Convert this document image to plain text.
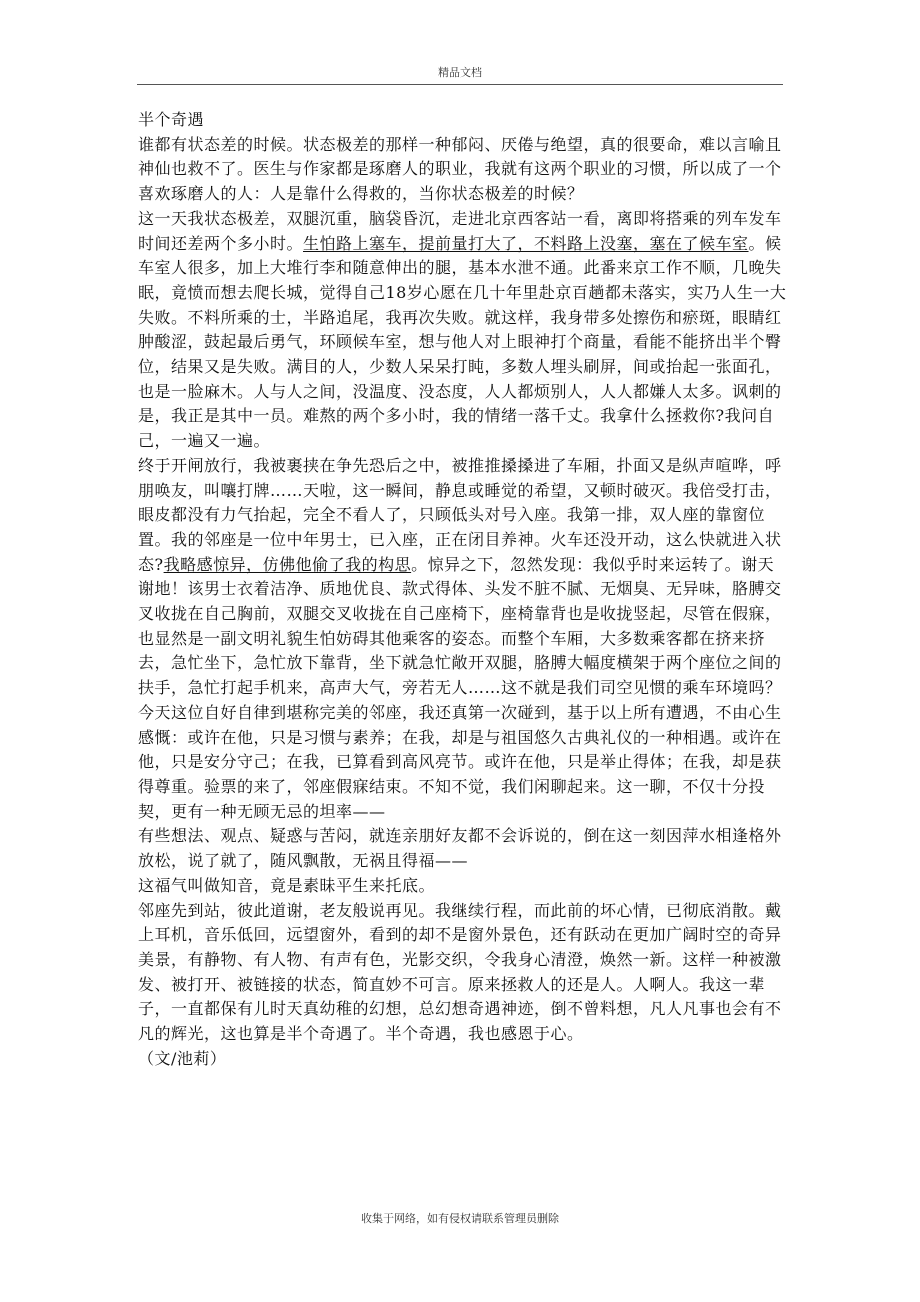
精品文档

半个奇遇

谁都有状态差的时候。状态极差的那样一种郁闷、厌倦与绝望，真的很要命，难以言喻且神仙也救不了。医生与作家都是琢磨人的职业，我就有这两个职业的习惯，所以成了一个喜欢琢磨人的人：人是靠什么得救的，当你状态极差的时候？

这一天我状态极差，双腿沉重，脑袋昏沉，走进北京西客站一看，离即将搭乘的列车发车时间还差两个多小时。生怕路上塞车，提前量打大了，不料路上没塞，塞在了候车室。候车室人很多，加上大堆行李和随意伸出的腿，基本水泄不通。此番来京工作不顺，几晚失眠，竟愤而想去爬长城，觉得自己18岁心愿在几十年里赴京百趟都未落实，实乃人生一大失败。不料所乘的士，半路追尾，我再次失败。就这样，我身带多处擦伤和瘀斑，眼睛红肿酸涩，鼓起最后勇气，环顾候车室，想与他人对上眼神打个商量，看能不能挤出半个臀位，结果又是失败。满目的人，少数人呆呆打盹，多数人埋头刷屏，间或抬起一张面孔，也是一脸麻木。人与人之间，没温度、没态度，人人都烦别人，人人都嫌人太多。讽刺的是，我正是其中一员。难熬的两个多小时，我的情绪一落千丈。我拿什么拯救你?我问自己，一遍又一遍。

终于开闸放行，我被裹挟在争先恐后之中，被推推搡搡进了车厢，扑面又是纵声喧哗，呼朋唤友，叫嚷打牌……天啦，这一瞬间，静息或睡觉的希望，又顿时破灭。我倍受打击，眼皮都没有力气抬起，完全不看人了，只顾低头对号入座。我第一排，双人座的靠窗位置。我的邻座是一位中年男士，已入座，正在闭目养神。火车还没开动，这么快就进入状态?我略感惊异，仿佛他偷了我的构思。惊异之下，忽然发现：我似乎时来运转了。谢天谢地！该男士衣着洁净、质地优良、款式得体、头发不脏不腻、无烟臭、无异味，胳膊交叉收拢在自己胸前，双腿交叉收拢在自己座椅下，座椅靠背也是收拢竖起，尽管在假寐，也显然是一副文明礼貌生怕妨碍其他乘客的姿态。而整个车厢，大多数乘客都在挤来挤去，急忙坐下，急忙放下靠背，坐下就急忙敞开双腿，胳膊大幅度横架于两个座位之间的扶手，急忙打起手机来，高声大气，旁若无人……这不就是我们司空见惯的乘车环境吗？今天这位自好自律到堪称完美的邻座，我还真第一次碰到，基于以上所有遭遇，不由心生感慨：或许在他，只是习惯与素养；在我，却是与祖国悠久古典礼仪的一种相遇。或许在他，只是安分守己；在我，已算看到高风亮节。或许在他，只是举止得体；在我，却是获得尊重。验票的来了，邻座假寐结束。不知不觉，我们闲聊起来。这一聊，不仅十分投契，更有一种无顾无忌的坦率——

有些想法、观点、疑惑与苦闷，就连亲朋好友都不会诉说的，倒在这一刻因萍水相逢格外放松，说了就了，随风飘散，无祸且得福——

这福气叫做知音，竟是素昧平生来托底。

邻座先到站，彼此道谢，老友般说再见。我继续行程，而此前的坏心情，已彻底消散。戴上耳机，音乐低回，远望窗外，看到的却不是窗外景色，还有跃动在更加广阔时空的奇异美景，有静物、有人物、有声有色，光影交织，令我身心清澄，焕然一新。这样一种被激发、被打开、被链接的状态，简直妙不可言。原来拯救人的还是人。人啊人。我这一辈子，一直都保有儿时天真幼稚的幻想，总幻想奇遇神迹，倒不曾料想，凡人凡事也会有不凡的辉光，这也算是半个奇遇了。半个奇遇，我也感恩于心。

（文/池莉）

收集于网络，如有侵权请联系管理员删除
